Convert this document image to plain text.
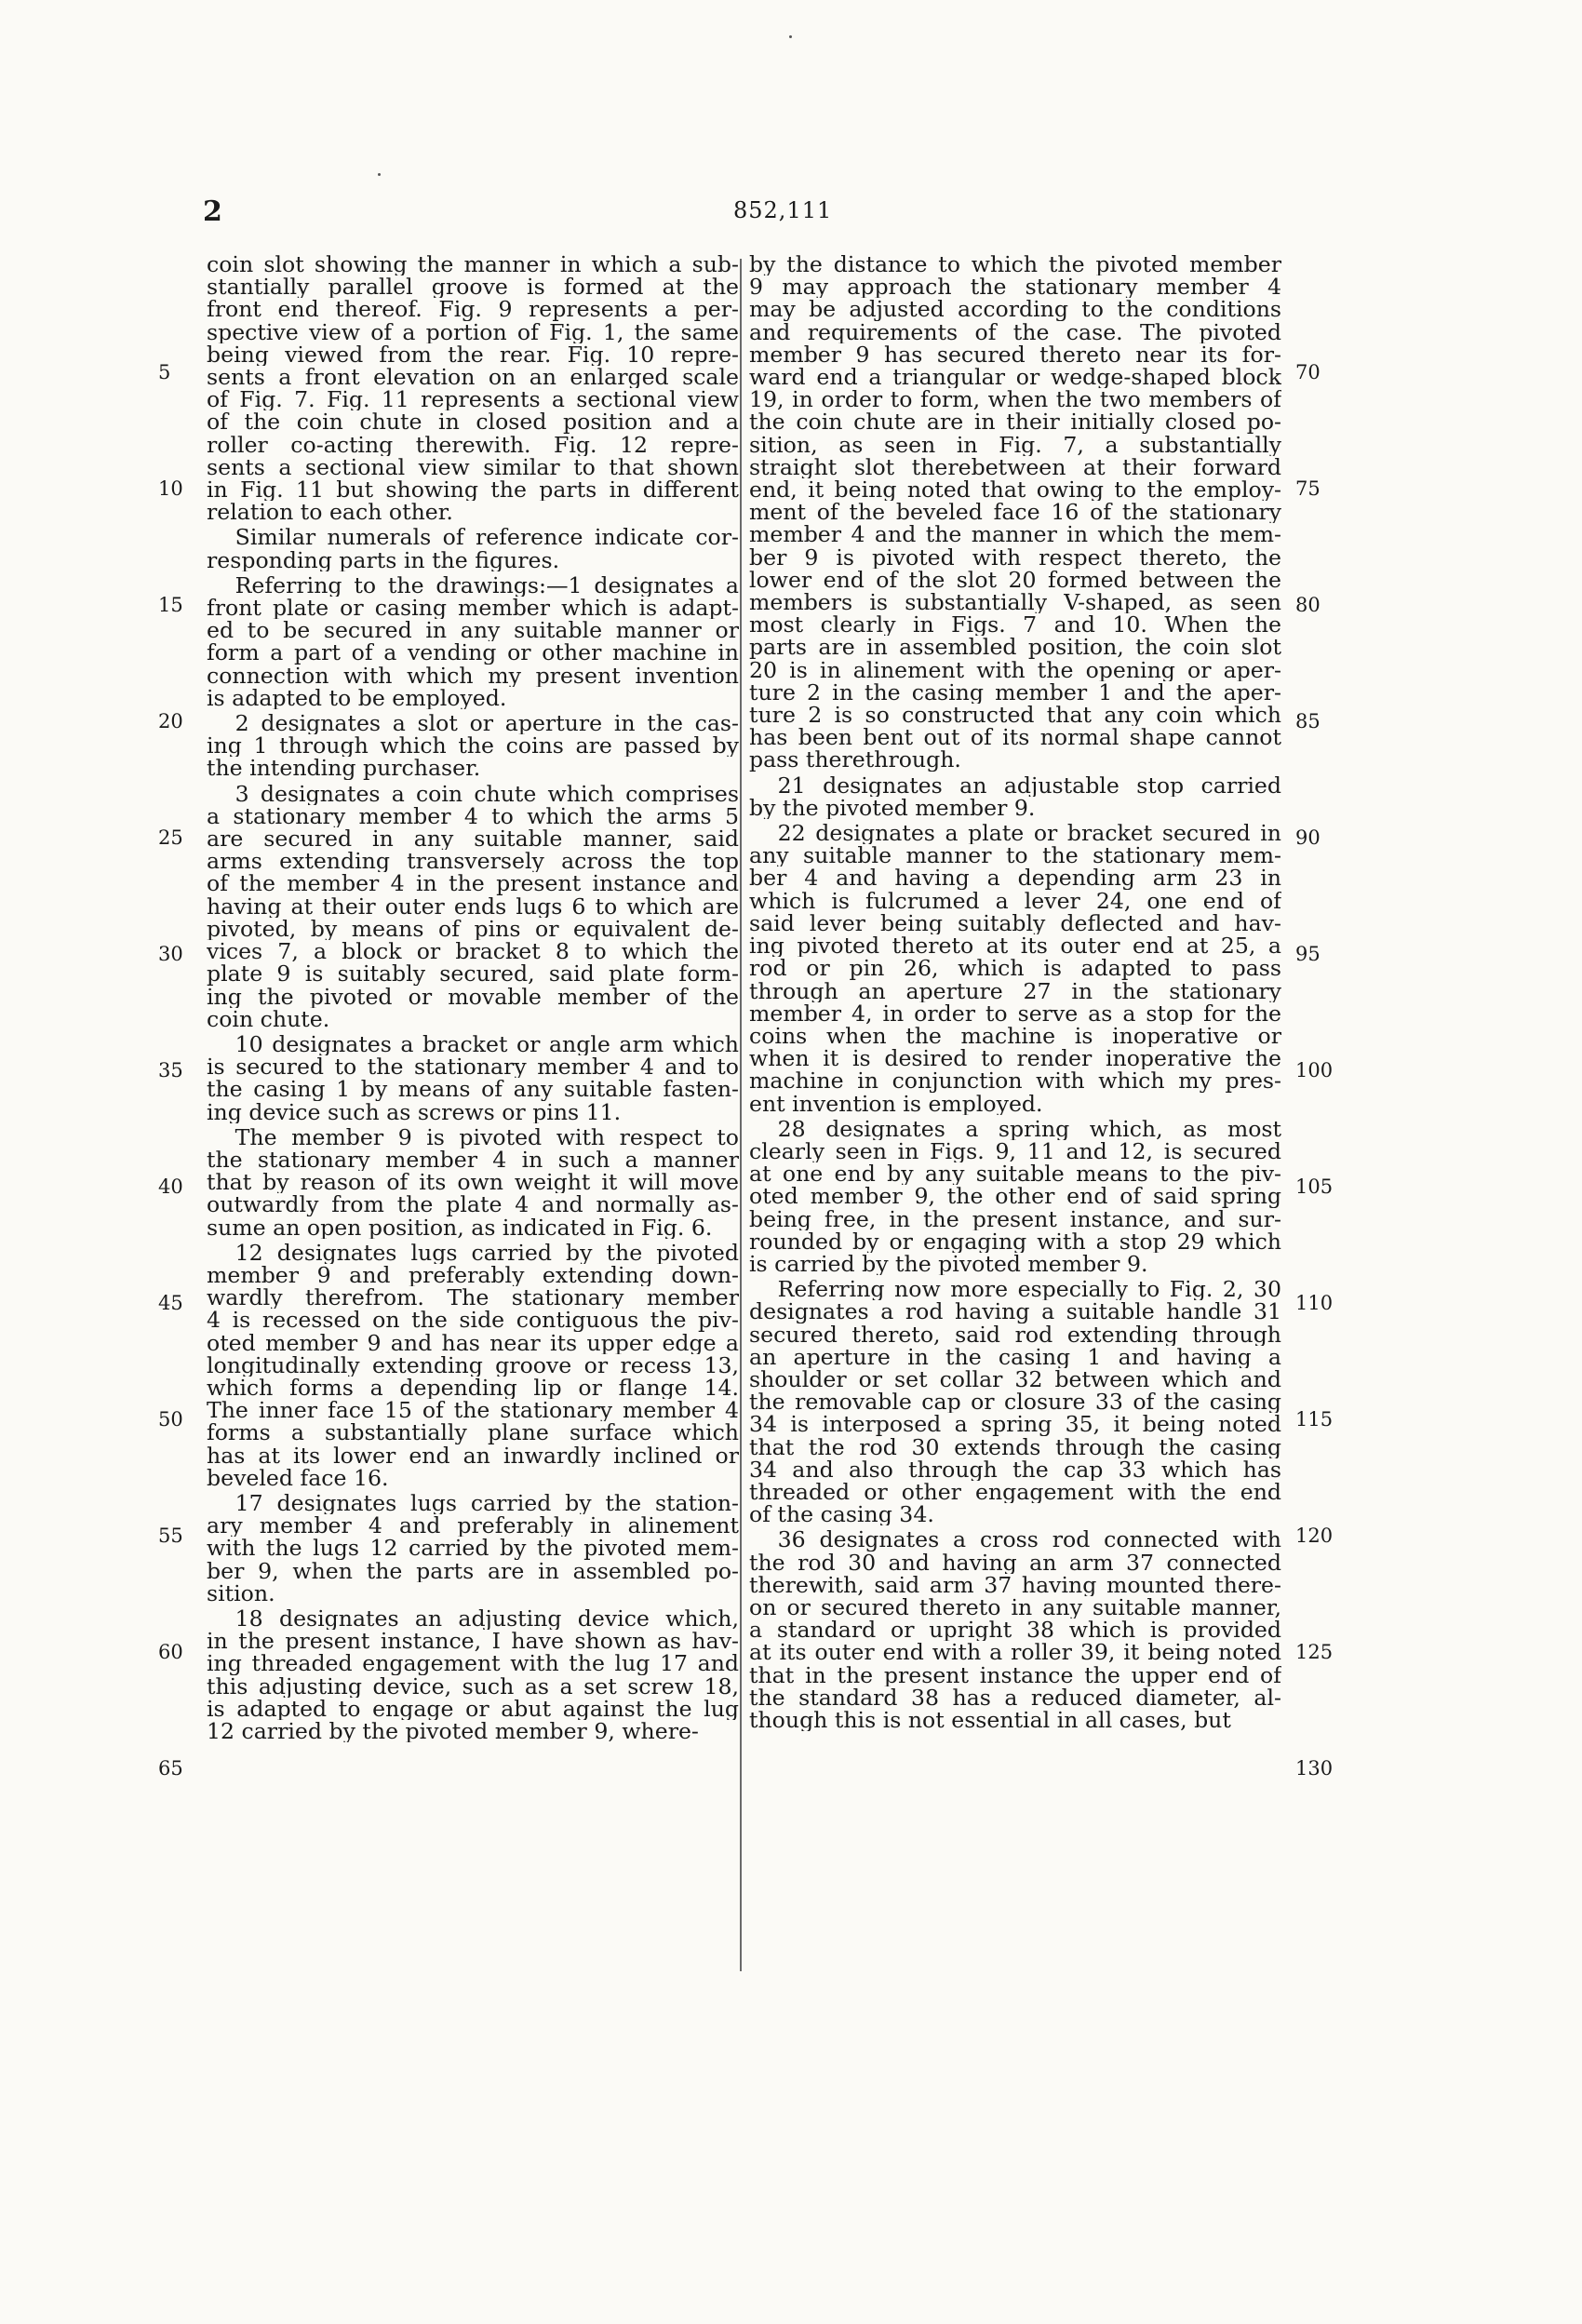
2	852,111

coin slot showing the manner in which a sub-
stantially parallel groove is formed at the
front end thereof. Fig. 9 represents a per-
spective view of a portion of Fig. 1, the same
being viewed from the rear. Fig. 10 repre-
sents a front elevation on an enlarged scale
of Fig. 7. Fig. 11 represents a sectional view
of the coin chute in closed position and a
roller co-acting therewith. Fig. 12 repre-
sents a sectional view similar to that shown
in Fig. 11 but showing the parts in different
relation to each other.

Similar numerals of reference indicate cor-
responding parts in the figures.

Referring to the drawings:—1 designates a
front plate or casing member which is adapt-
ed to be secured in any suitable manner or
form a part of a vending or other machine in
connection with which my present invention
is adapted to be employed.

2 designates a slot or aperture in the cas-
ing 1 through which the coins are passed by
the intending purchaser.

3 designates a coin chute which comprises
a stationary member 4 to which the arms 5
are secured in any suitable manner, said
arms extending transversely across the top
of the member 4 in the present instance and
having at their outer ends lugs 6 to which are
pivoted, by means of pins or equivalent de-
vices 7, a block or bracket 8 to which the
plate 9 is suitably secured, said plate form-
ing the pivoted or movable member of the
coin chute.

10 designates a bracket or angle arm which
is secured to the stationary member 4 and to
the casing 1 by means of any suitable fasten-
ing device such as screws or pins 11.

The member 9 is pivoted with respect to
the stationary member 4 in such a manner
that by reason of its own weight it will move
outwardly from the plate 4 and normally as-
sume an open position, as indicated in Fig. 6.

12 designates lugs carried by the pivoted
member 9 and preferably extending down-
wardly therefrom. The stationary member
4 is recessed on the side contiguous the piv-
oted member 9 and has near its upper edge a
longitudinally extending groove or recess 13,
which forms a depending lip or flange 14.
The inner face 15 of the stationary member 4
forms a substantially plane surface which
has at its lower end an inwardly inclined or
beveled face 16.

17 designates lugs carried by the station-
ary member 4 and preferably in alinement
with the lugs 12 carried by the pivoted mem-
ber 9, when the parts are in assembled po-
sition.

18 designates an adjusting device which,
in the present instance, I have shown as hav-
ing threaded engagement with the lug 17 and
this adjusting device, such as a set screw 18,
is adapted to engage or abut against the lug
12 carried by the pivoted member 9, where-

by the distance to which the pivoted member
9 may approach the stationary member 4
may be adjusted according to the conditions
and requirements of the case. The pivoted
member 9 has secured thereto near its for-
ward end a triangular or wedge-shaped block
19, in order to form, when the two members of
the coin chute are in their initially closed po-
sition, as seen in Fig. 7, a substantially
straight slot therebetween at their forward
end, it being noted that owing to the employ-
ment of the beveled face 16 of the stationary
member 4 and the manner in which the mem-
ber 9 is pivoted with respect thereto, the
lower end of the slot 20 formed between the
members is substantially V-shaped, as seen
most clearly in Figs. 7 and 10. When the
parts are in assembled position, the coin slot
20 is in alinement with the opening or aper-
ture 2 in the casing member 1 and the aper-
ture 2 is so constructed that any coin which
has been bent out of its normal shape cannot
pass therethrough.

21 designates an adjustable stop carried
by the pivoted member 9.

22 designates a plate or bracket secured in
any suitable manner to the stationary mem-
ber 4 and having a depending arm 23 in
which is fulcrumed a lever 24, one end of
said lever being suitably deflected and hav-
ing pivoted thereto at its outer end at 25, a
rod or pin 26, which is adapted to pass
through an aperture 27 in the stationary
member 4, in order to serve as a stop for the
coins when the machine is inoperative or
when it is desired to render inoperative the
machine in conjunction with which my pres-
ent invention is employed.

28 designates a spring which, as most
clearly seen in Figs. 9, 11 and 12, is secured
at one end by any suitable means to the piv-
oted member 9, the other end of said spring
being free, in the present instance, and sur-
rounded by or engaging with a stop 29 which
is carried by the pivoted member 9.

Referring now more especially to Fig. 2, 30
designates a rod having a suitable handle 31
secured thereto, said rod extending through
an aperture in the casing 1 and having a
shoulder or set collar 32 between which and
the removable cap or closure 33 of the casing
34 is interposed a spring 35, it being noted
that the rod 30 extends through the casing
34 and also through the cap 33 which has
threaded or other engagement with the end
of the casing 34.

36 designates a cross rod connected with
the rod 30 and having an arm 37 connected
therewith, said arm 37 having mounted there-
on or secured thereto in any suitable manner,
a standard or upright 38 which is provided
at its outer end with a roller 39, it being noted
that in the present instance the upper end of
the standard 38 has a reduced diameter, al-
though this is not essential in all cases, but

5
10
15
20
25
30
35
40
45
50
55
60
65
70
75
80
85
90
95
100
105
110
115
120
125
130
